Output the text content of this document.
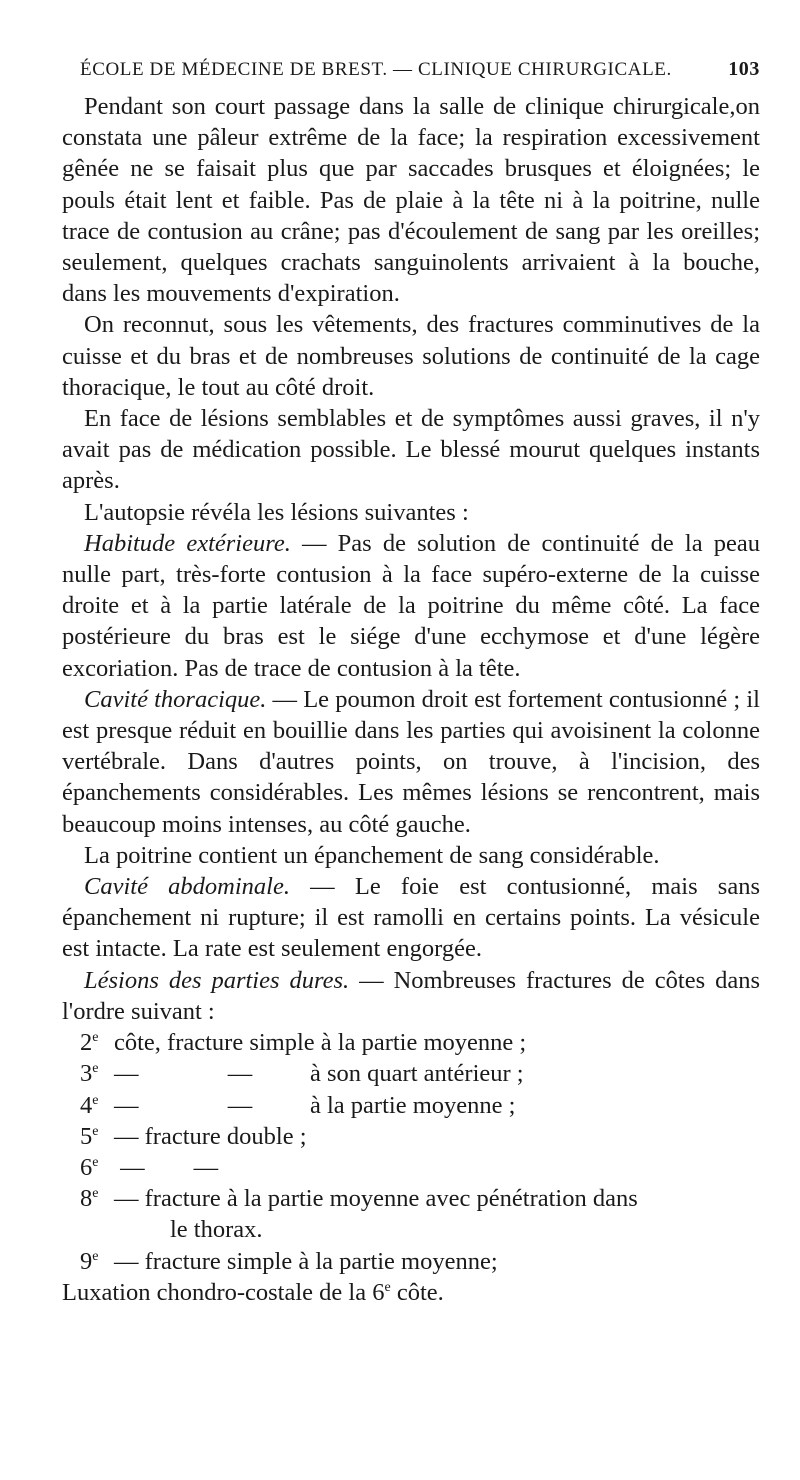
ÉCOLE DE MÉDECINE DE BREST. — CLINIQUE CHIRURGICALE.	103

Pendant son court passage dans la salle de clinique chirurgicale,on constata une pâleur extrême de la face; la respiration excessivement gênée ne se faisait plus que par saccades brusques et éloignées; le pouls était lent et faible. Pas de plaie à la tête ni à la poitrine, nulle trace de contusion au crâne; pas d'écoulement de sang par les oreilles; seulement, quelques crachats sanguinolents arrivaient à la bouche, dans les mouvements d'expiration.

On reconnut, sous les vêtements, des fractures comminutives de la cuisse et du bras et de nombreuses solutions de continuité de la cage thoracique, le tout au côté droit.

En face de lésions semblables et de symptômes aussi graves, il n'y avait pas de médication possible. Le blessé mourut quelques instants après.

L'autopsie révéla les lésions suivantes :

Habitude extérieure. — Pas de solution de continuité de la peau nulle part, très-forte contusion à la face supéro-externe de la cuisse droite et à la partie latérale de la poitrine du même côté. La face postérieure du bras est le siége d'une ecchymose et d'une légère excoriation. Pas de trace de contusion à la tête.

Cavité thoracique. — Le poumon droit est fortement contusionné ; il est presque réduit en bouillie dans les parties qui avoisinent la colonne vertébrale. Dans d'autres points, on trouve, à l'incision, des épanchements considérables. Les mêmes lésions se rencontrent, mais beaucoup moins intenses, au côté gauche.

La poitrine contient un épanchement de sang considérable.

Cavité abdominale. — Le foie est contusionné, mais sans épanchement ni rupture; il est ramolli en certains points. La vésicule est intacte. La rate est seulement engorgée.

Lésions des parties dures. — Nombreuses fractures de côtes dans l'ordre suivant :

2e côte, fracture simple à la partie moyenne ;
3e —	—	à son quart antérieur ;
4e —	—	à la partie moyenne ;
5e — fracture double ;
6e —        —
8e — fracture à la partie moyenne avec pénétration dans
le thorax.
9e — fracture simple à la partie moyenne;

Luxation chondro-costale de la 6e côte.
